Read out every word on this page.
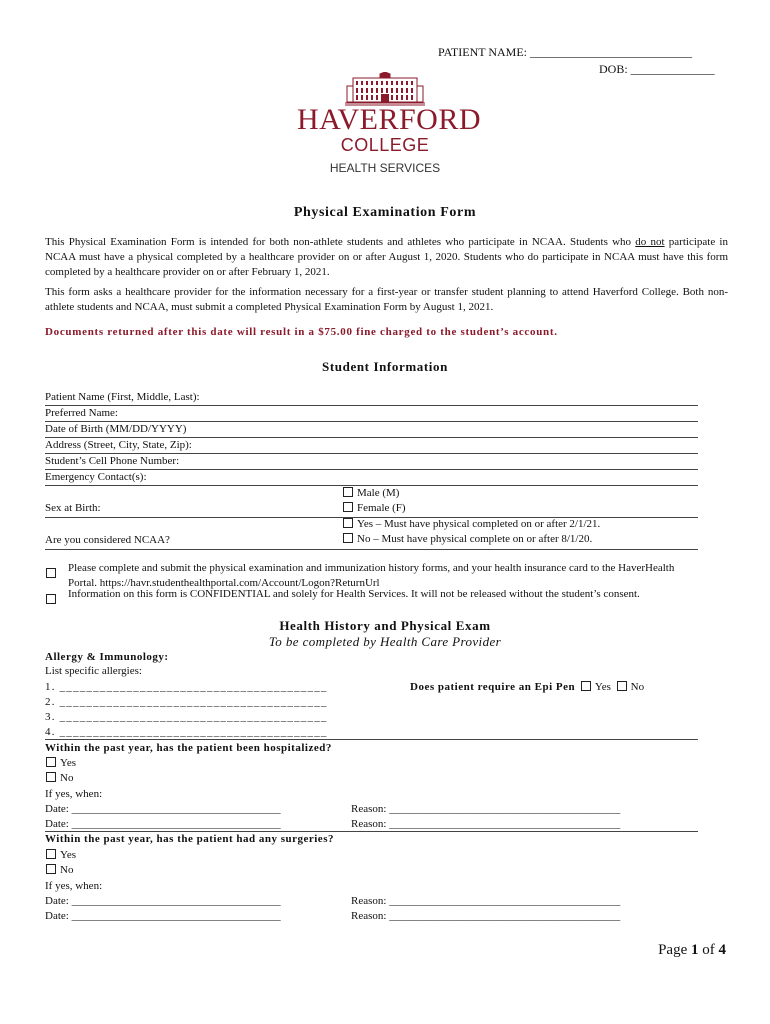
PATIENT NAME: ___________________________
DOB: ______________
HAVERFORD
COLLEGE
HEALTH SERVICES
Physical Examination Form
This Physical Examination Form is intended for both non-athlete students and athletes who participate in NCAA. Students who do not participate in NCAA must have a physical completed by a healthcare provider on or after August 1, 2020. Students who do participate in NCAA must have this form completed by a healthcare provider on or after February 1, 2021.
This form asks a healthcare provider for the information necessary for a first-year or transfer student planning to attend Haverford College. Both non-athlete students and NCAA, must submit a completed Physical Examination Form by August 1, 2021.
Documents returned after this date will result in a $75.00 fine charged to the student’s account.
Student Information
Patient Name (First, Middle, Last):
Preferred Name:
Date of Birth (MM/DD/YYYY)
Address (Street, City, State, Zip):
Student’s Cell Phone Number:
Emergency Contact(s):
Sex at Birth:
Male (M)
Female (F)
Are you considered NCAA?
Yes – Must have physical completed on or after 2/1/21.
No – Must have physical complete on or after 8/1/20.
Please complete and submit the physical examination and immunization history forms, and your health insurance card to the HaverHealth Portal. https://havr.studenthealthportal.com/Account/Logon?ReturnUrl
Information on this form is CONFIDENTIAL and solely for Health Services. It will not be released without the student’s consent.
Health History and Physical Exam
To be completed by Health Care Provider
Allergy & Immunology:
List specific allergies:
1. ________________________________________
2. ________________________________________
3. ________________________________________
4. ________________________________________
Does patient require an Epi Pen Yes No
Within the past year, has the patient been hospitalized?
Yes
No
If yes, when:
Date: ______________________________________	Reason: __________________________________________
Date: ______________________________________	Reason: __________________________________________
Within the past year, has the patient had any surgeries?
Yes
No
If yes, when:
Date: ______________________________________	Reason: __________________________________________
Date: ______________________________________	Reason: __________________________________________
Page 1 of 4
